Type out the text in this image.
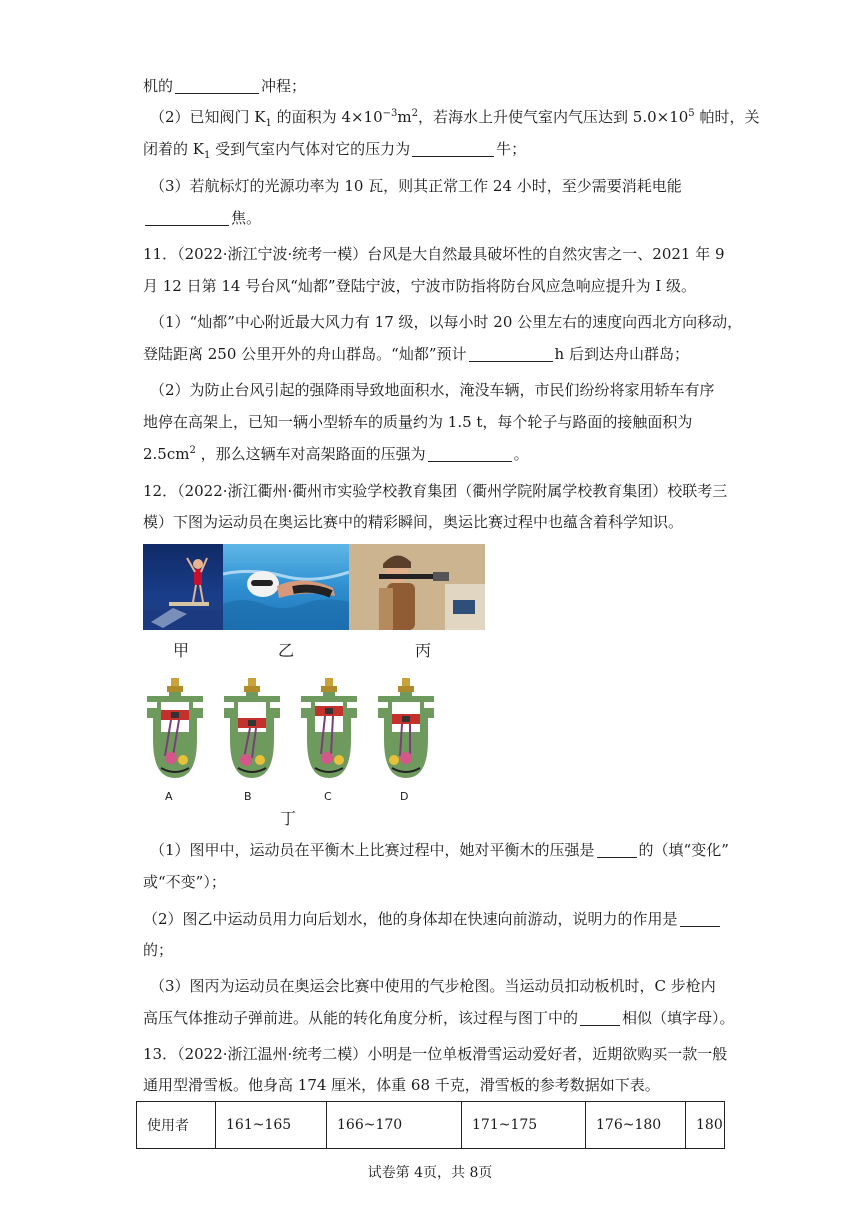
机的	冲程；
（2）已知阀门 $K_1$ 的面积为 $4\times 10^{-3}m^2$，若海水上升使气室内气压达到 $5.0\times 10^5$ 帕时，关
闭着的 $K_1$ 受到气室内气体对它的压力为	牛；
（3）若航标灯的光源功率为 10 瓦，则其正常工作 24 小时，至少需要消耗电能
焦。
11．（2022·浙江宁波·统考一模）台风是大自然最具破坏性的自然灾害之一、2021 年 9
月 12 日第 14 号台风“灿都”登陆宁波，宁波市防指将防台风应急响应提升为 I 级。
（1）“灿都”中心附近最大风力有 17 级，以每小时 20 公里左右的速度向西北方向移动，
登陆距离 250 公里开外的舟山群岛。“灿都”预计	h 后到达舟山群岛；
（2）为防止台风引起的强降雨导致地面积水，淹没车辆，市民们纷纷将家用轿车有序
地停在高架上，已知一辆小型轿车的质量约为 1.5 t，每个轮子与路面的接触面积为
$2.5cm^2$ ，那么这辆车对高架路面的压强为	。
12．（2022·浙江衢州·衢州市实验学校教育集团（衢州学院附属学校教育集团）校联考三
模）下图为运动员在奥运比赛中的精彩瞬间，奥运比赛过程中也蕴含着科学知识。
甲	乙	丙
A	B	C	D
丁
（1）图甲中，运动员在平衡木上比赛过程中，她对平衡木的压强是	的（填“变化”
或“不变”）；
（2）图乙中运动员用力向后划水，他的身体却在快速向前游动，说明力的作用是
的；
（3）图丙为运动员在奥运会比赛中使用的气步枪图。当运动员扣动板机时，C 步枪内
高压气体推动子弹前进。从能的转化角度分析，该过程与图丁中的	相似（填字母）。
13．（2022·浙江温州·统考二模）小明是一位单板滑雪运动爱好者，近期欲购买一款一般
通用型滑雪板。他身高 174 厘米，体重 68 千克，滑雪板的参考数据如下表。
使用者	161~165	166~170	171~175	176~180	180
试卷第 4页，共 8页
